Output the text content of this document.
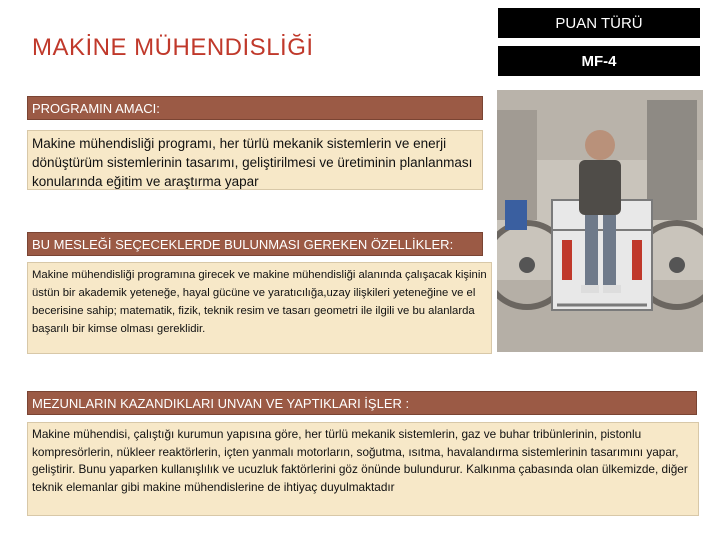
MAKİNE MÜHENDİSLİĞİ
PUAN TÜRÜ
MF-4
PROGRAMIN AMACI:
Makine mühendisliği programı, her türlü mekanik sistemlerin ve enerji dönüştürüm sistemlerinin tasarımı, geliştirilmesi ve üretiminin planlanması konularında eğitim ve araştırma yapar
BU MESLEĞİ SEÇECEKLERDE BULUNMASI GEREKEN ÖZELLİKLER:
Makine mühendisliği programına girecek ve makine mühendisliği alanında çalışacak kişinin üstün bir akademik yeteneğe, hayal gücüne ve yaratıcılığa,uzay ilişkileri yeteneğine ve el becerisine sahip; matematik, fizik, teknik resim ve tasarı geometri ile ilgili ve bu alanlarda başarılı bir kimse olması gereklidir.
MEZUNLARIN KAZANDIKLARI UNVAN VE YAPTIKLARI İŞLER :
Makine mühendisi, çalıştığı kurumun yapısına göre, her türlü mekanik sistemlerin, gaz ve buhar tribünlerinin, pistonlu kompresörlerin, nükleer reaktörlerin, içten yanmalı motorların, soğutma, ısıtma, havalandırma sistemlerinin tasarımını yapar, geliştirir. Bunu yaparken kullanışlılık ve ucuzluk faktörlerini göz önünde bulundurur. Kalkınma çabasında olan ülkemizde, diğer teknik elemanlar gibi makine mühendislerine de ihtiyaç duyulmaktadır
